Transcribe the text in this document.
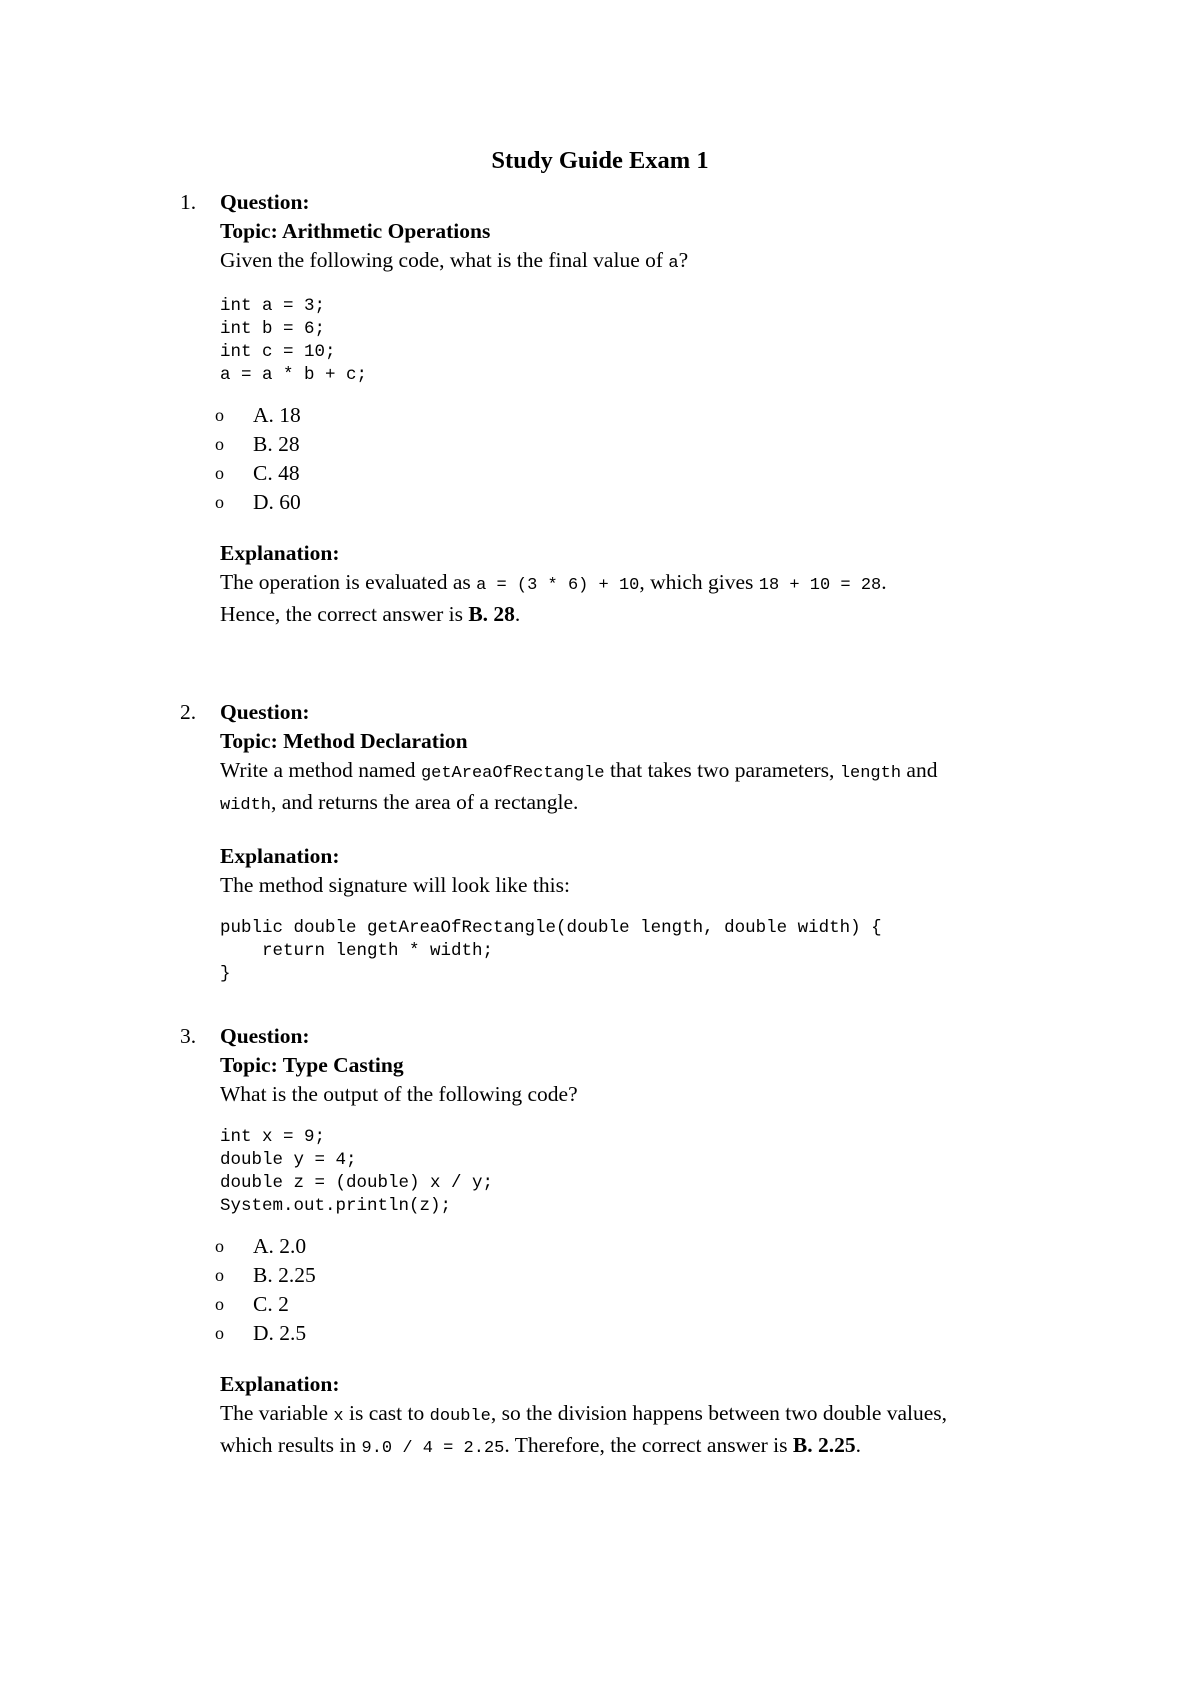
Study Guide Exam 1
1.	Question:
Topic: Arithmetic Operations
Given the following code, what is the final value of a?
int a = 3;
int b = 6;
int c = 10;
a = a * b + c;
o A. 18
o B. 28
o C. 48
o D. 60
Explanation:
The operation is evaluated as a = (3 * 6) + 10, which gives 18 + 10 = 28.
Hence, the correct answer is B. 28.
2.	Question:
Topic: Method Declaration
Write a method named getAreaOfRectangle that takes two parameters, length and
width, and returns the area of a rectangle.
Explanation:
The method signature will look like this:
public double getAreaOfRectangle(double length, double width) {
return length * width;
}
3.	Question:
Topic: Type Casting
What is the output of the following code?
int x = 9;
double y = 4;
double z = (double) x / y;
System.out.println(z);
o A. 2.0
o B. 2.25
o C. 2
o D. 2.5
Explanation:
The variable x is cast to double, so the division happens between two double values,
which results in 9.0 / 4 = 2.25. Therefore, the correct answer is B. 2.25.
